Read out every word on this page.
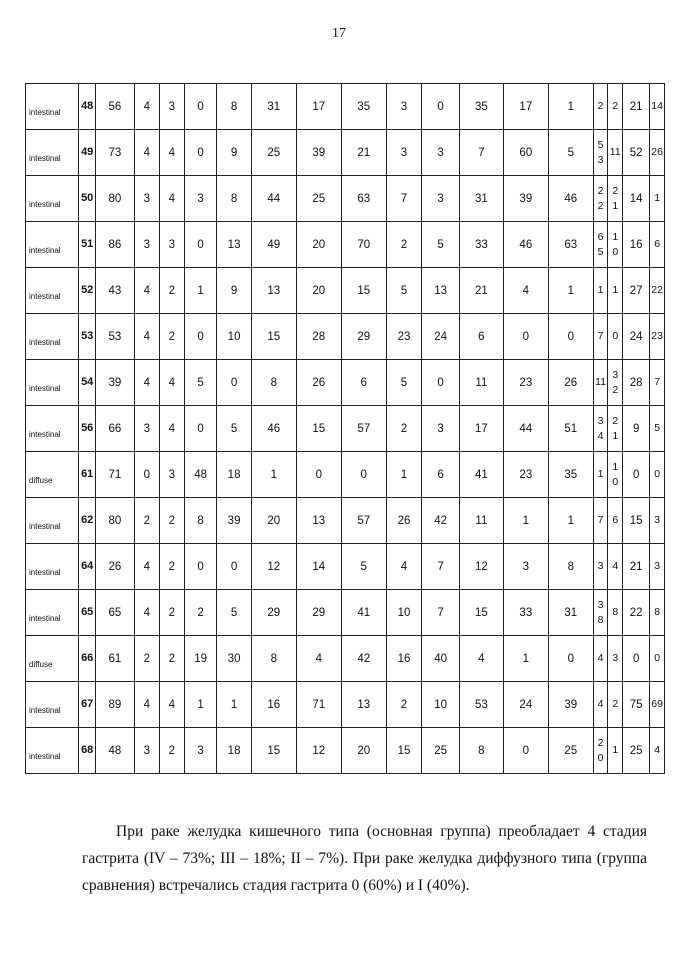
17
intestinal	48	56	4	3	0	8	31	17	35	3	0	35	17	1	2	2	21	14
intestinal	49	73	4	4	0	9	25	39	21	3	3	7	60	5	53	11	52	26
intestinal	50	80	3	4	3	8	44	25	63	7	3	31	39	46	22	21	14	1
intestinal	51	86	3	3	0	13	49	20	70	2	5	33	46	63	65	10	16	6
intestinal	52	43	4	2	1	9	13	20	15	5	13	21	4	1	1	1	27	22
intestinal	53	53	4	2	0	10	15	28	29	23	24	6	0	0	7	0	24	23
intestinal	54	39	4	4	5	0	8	26	6	5	0	11	23	26	11	32	28	7
intestinal	56	66	3	4	0	5	46	15	57	2	3	17	44	51	34	21	9	5
diffuse	61	71	0	3	48	18	1	0	0	1	6	41	23	35	1	10	0	0
intestinal	62	80	2	2	8	39	20	13	57	26	42	11	1	1	7	6	15	3
intestinal	64	26	4	2	0	0	12	14	5	4	7	12	3	8	3	4	21	3
intestinal	65	65	4	2	2	5	29	29	41	10	7	15	33	31	38	8	22	8
diffuse	66	61	2	2	19	30	8	4	42	16	40	4	1	0	4	3	0	0
intestinal	67	89	4	4	1	1	16	71	13	2	10	53	24	39	4	2	75	69
intestinal	68	48	3	2	3	18	15	12	20	15	25	8	0	25	20	1	25	4

При раке желудка кишечного типа (основная группа) преобладает 4 стадия гастрита (IV – 73%; III – 18%; II – 7%). При раке желудка диффузного типа (группа сравнения) встречались стадия гастрита 0 (60%) и I (40%).
